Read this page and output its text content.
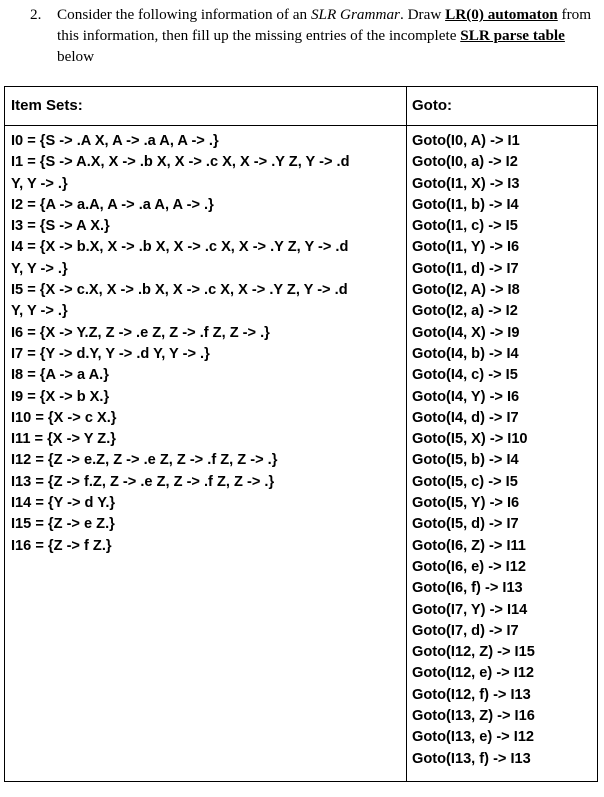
2. Consider the following information of an SLR Grammar. Draw LR(0) automaton from this information, then fill up the missing entries of the incomplete SLR parse table below
Item Sets:	Goto:
I0 = {S -> .A X, A -> .a A, A -> .}
I1 = {S -> A.X, X -> .b X, X -> .c X, X -> .Y Z, Y -> .d
Y, Y -> .}
I2 = {A -> a.A, A -> .a A, A -> .}
I3 = {S -> A X.}
I4 = {X -> b.X, X -> .b X, X -> .c X, X -> .Y Z, Y -> .d
Y, Y -> .}
I5 = {X -> c.X, X -> .b X, X -> .c X, X -> .Y Z, Y -> .d
Y, Y -> .}
I6 = {X -> Y.Z, Z -> .e Z, Z -> .f Z, Z -> .}
I7 = {Y -> d.Y, Y -> .d Y, Y -> .}
I8 = {A -> a A.}
I9 = {X -> b X.}
I10 = {X -> c X.}
I11 = {X -> Y Z.}
I12 = {Z -> e.Z, Z -> .e Z, Z -> .f Z, Z -> .}
I13 = {Z -> f.Z, Z -> .e Z, Z -> .f Z, Z -> .}
I14 = {Y -> d Y.}
I15 = {Z -> e Z.}
I16 = {Z -> f Z.}
Goto(I0, A) -> I1
Goto(I0, a) -> I2
Goto(I1, X) -> I3
Goto(I1, b) -> I4
Goto(I1, c) -> I5
Goto(I1, Y) -> I6
Goto(I1, d) -> I7
Goto(I2, A) -> I8
Goto(I2, a) -> I2
Goto(I4, X) -> I9
Goto(I4, b) -> I4
Goto(I4, c) -> I5
Goto(I4, Y) -> I6
Goto(I4, d) -> I7
Goto(I5, X) -> I10
Goto(I5, b) -> I4
Goto(I5, c) -> I5
Goto(I5, Y) -> I6
Goto(I5, d) -> I7
Goto(I6, Z) -> I11
Goto(I6, e) -> I12
Goto(I6, f) -> I13
Goto(I7, Y) -> I14
Goto(I7, d) -> I7
Goto(I12, Z) -> I15
Goto(I12, e) -> I12
Goto(I12, f) -> I13
Goto(I13, Z) -> I16
Goto(I13, e) -> I12
Goto(I13, f) -> I13
